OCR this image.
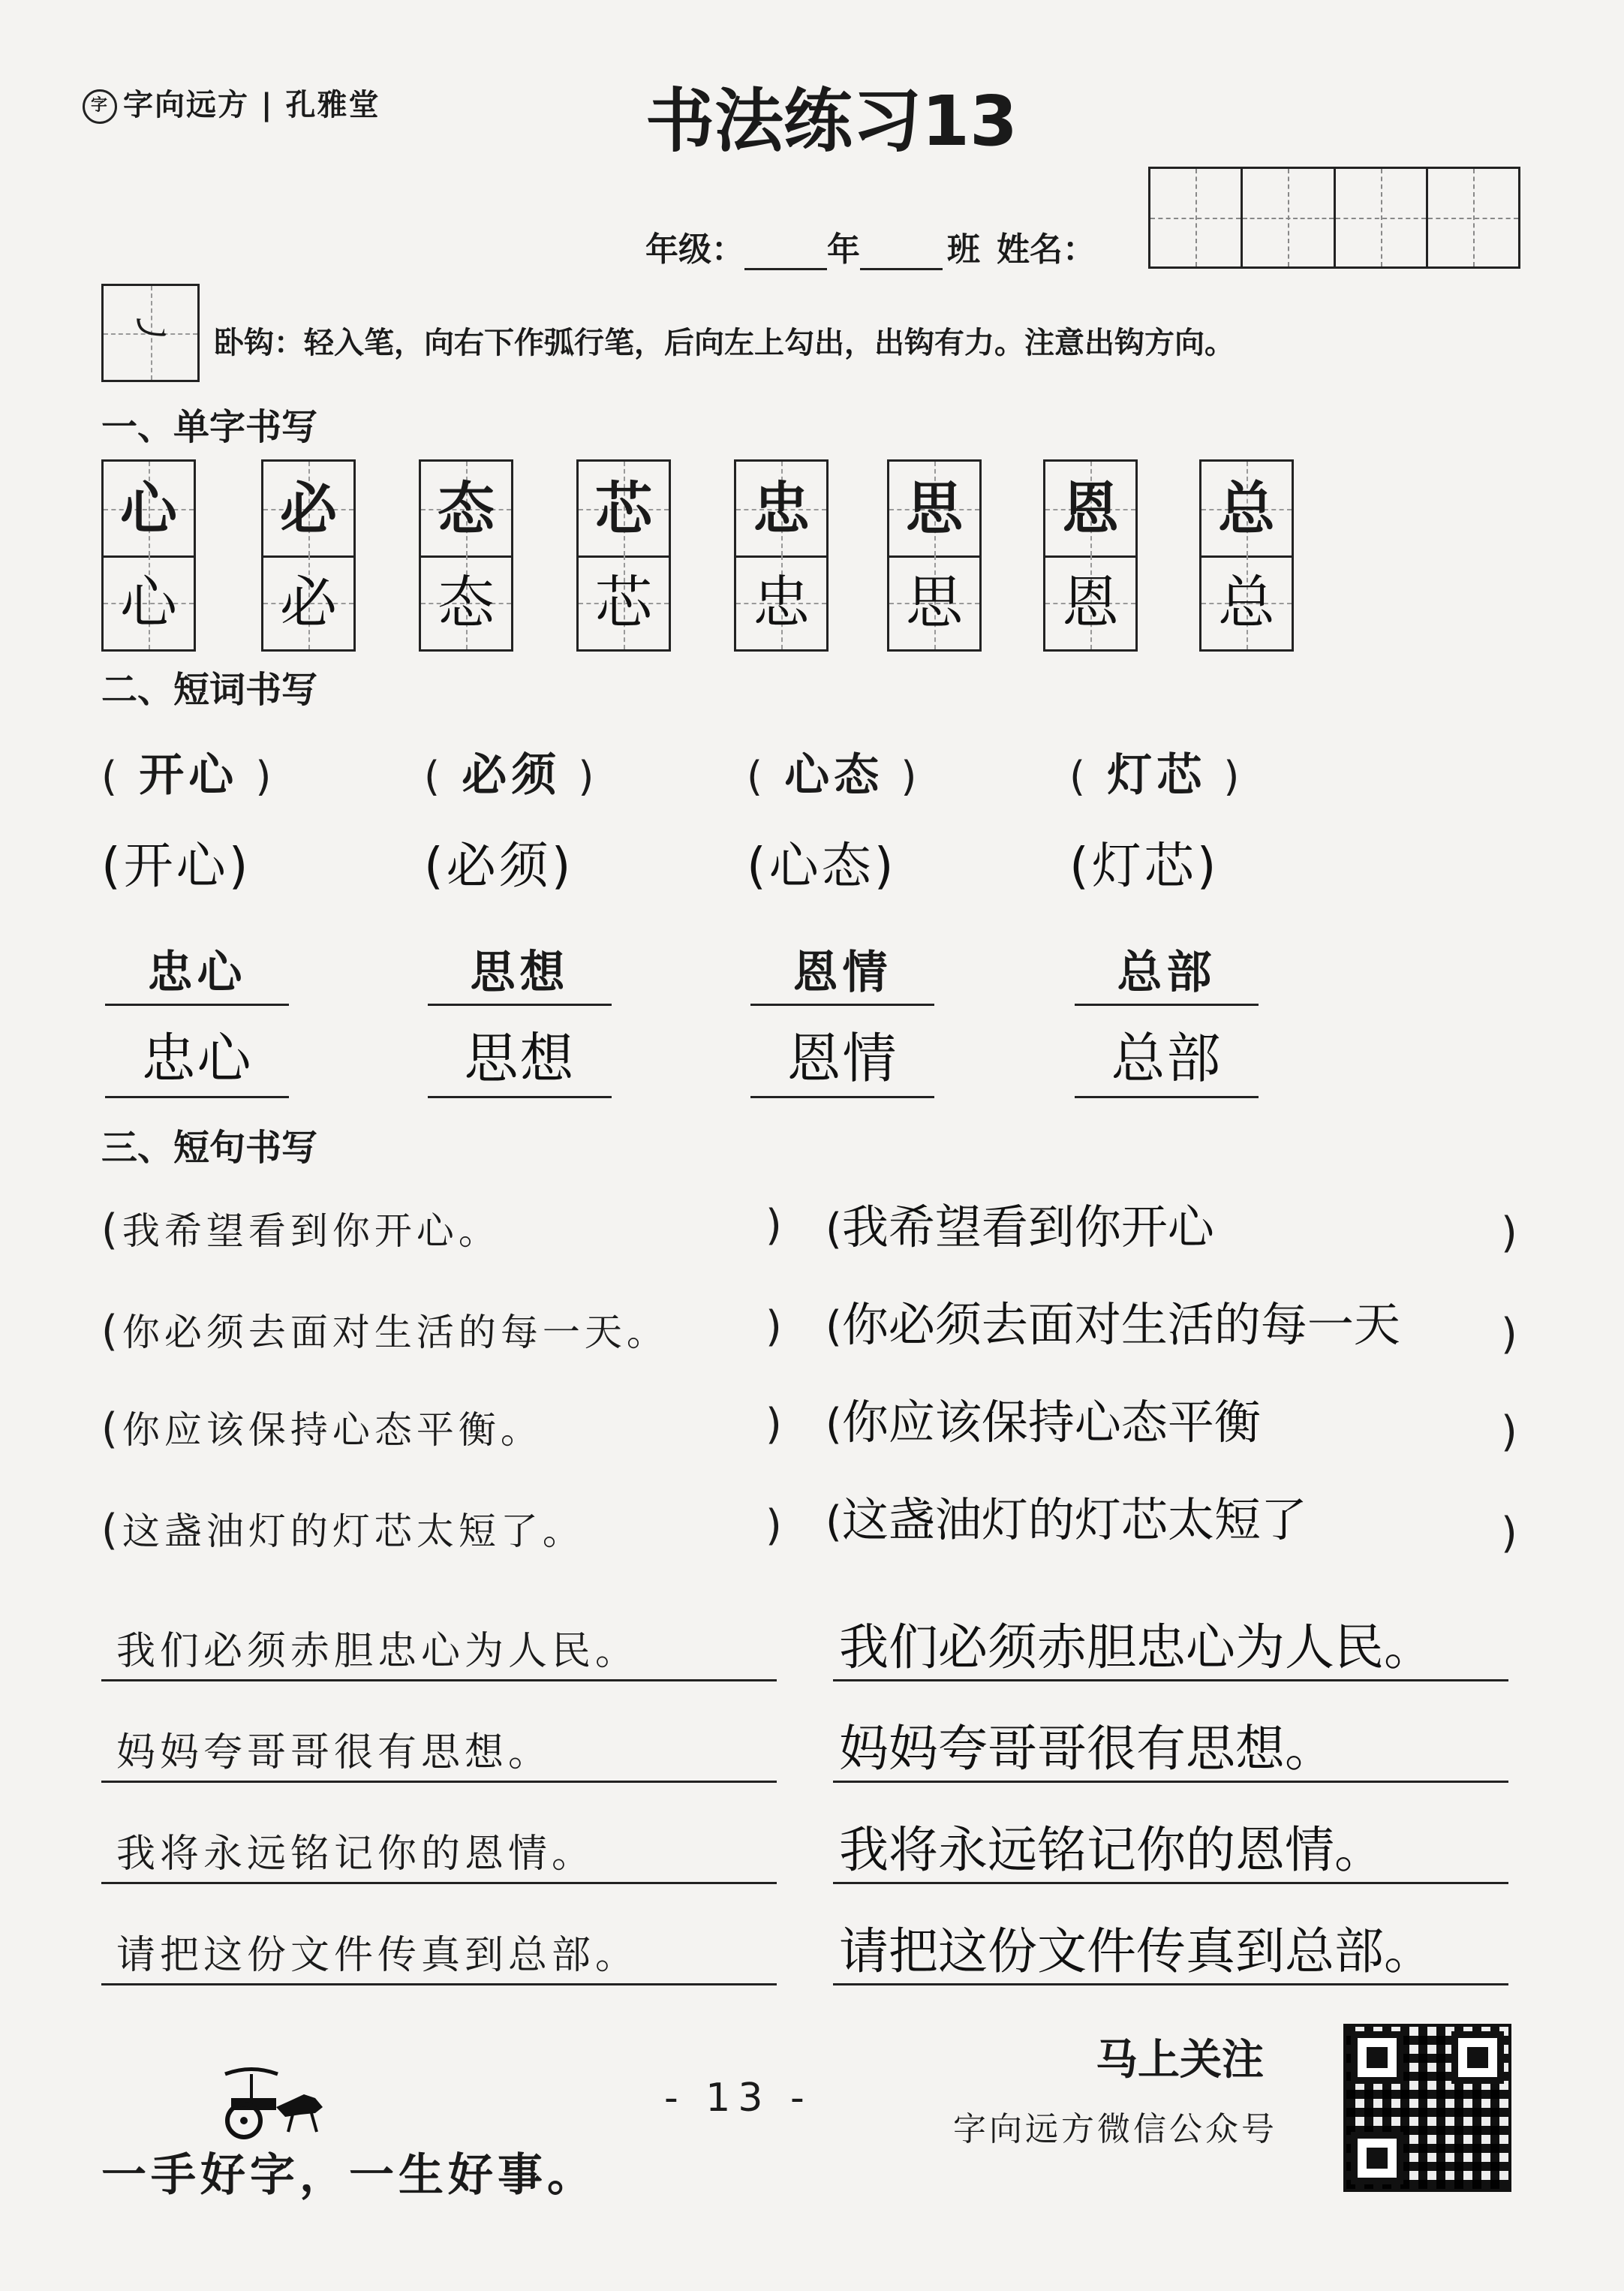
字 字向远方 | 孔雅堂	书法练习13
年级：	年	班 姓名：
㇃	卧钩：轻入笔，向右下作弧行笔，后向左上勾出，出钩有力。注意出钩方向。
一、单字书写
心
心
必
必
态
态
芯
芯
忠
忠
思
思
恩
恩
总
总
二、短词书写
( 开心 )	( 必须 )	( 心态 )	( 灯芯 )
(开心)	(必须)	(心态)	(灯芯)
忠心	思想	恩情	总部
忠心	思想	恩情	总部
三、短句书写
(我希望看到你开心。	) (我希望看到你开心	)
(你必须去面对生活的每一天。 ) (你必须去面对生活的每一天 )
(你应该保持心态平衡。	) (你应该保持心态平衡	)
(这盏油灯的灯芯太短了。	) (这盏油灯的灯芯太短了	)
我们必须赤胆忠心为人民。	我们必须赤胆忠心为人民。
妈妈夸哥哥很有思想。	妈妈夸哥哥很有思想。
我将永远铭记你的恩情。	我将永远铭记你的恩情。
请把这份文件传真到总部。	请把这份文件传真到总部。
马上关注
字向远方微信公众号
- 13 -
一手好字，一生好事。
